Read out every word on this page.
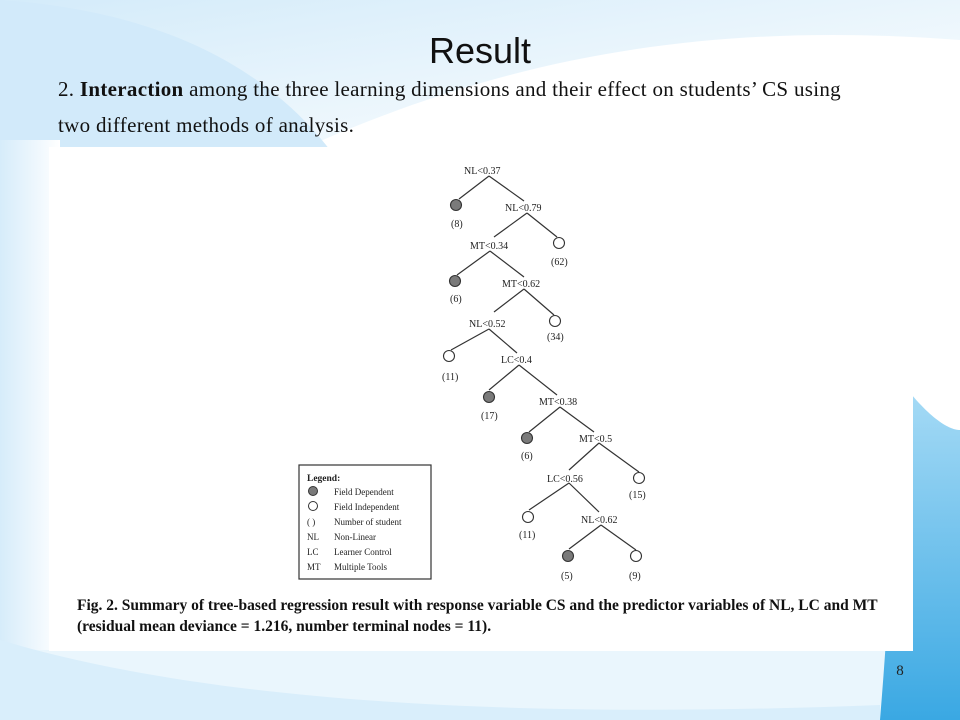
Result
2. Interaction among the three learning dimensions and their effect on students’ CS using two different methods of analysis.
NL<0.37
NL<0.79
MT<0.34
MT<0.62
NL<0.52
LC<0.4
MT<0.38
MT<0.5
LC<0.56
NL<0.62
(8)
(62)
(6)
(34)
(11)
(17)
(6)
(15)
(11)
(5)	(9)
Legend:
( )
NL
LC
MT
Field Dependent
Field Independent
Number of student
Non-Linear
Learner Control
Multiple Tools
Fig. 2. Summary of tree-based regression result with response variable CS and the predictor variables of NL, LC and MT (residual mean deviance = 1.216, number terminal nodes = 11).
8
